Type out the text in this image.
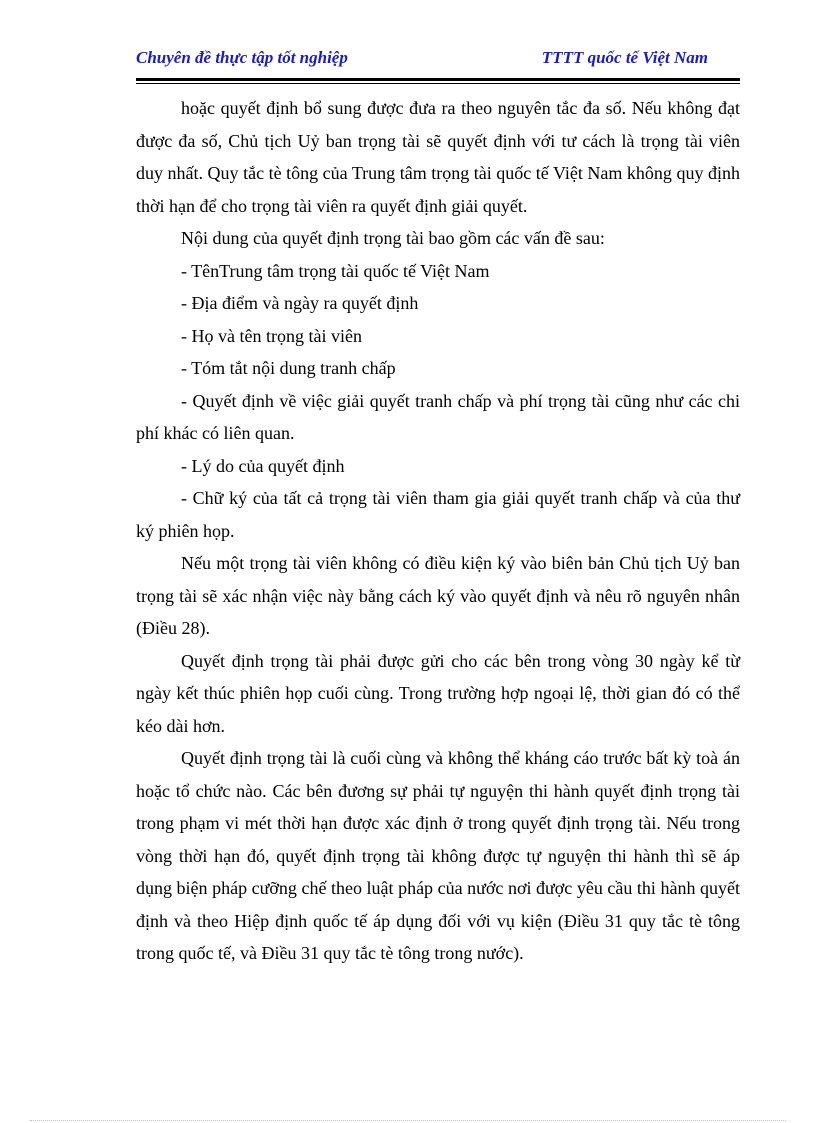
Chuyên đề thực tập tốt nghiệp	TTTT quốc tế Việt Nam

hoặc quyết định bổ sung được đưa ra theo nguyên tắc đa số. Nếu không đạt được đa số, Chủ tịch Uỷ ban trọng tài sẽ quyết định với tư cách là trọng tài viên duy nhất. Quy tắc tè tông của Trung tâm trọng tài quốc tế Việt Nam không quy định thời hạn để cho trọng tài viên ra quyết định giải quyết.

Nội dung của quyết định trọng tài bao gồm các vấn đề sau:

- TênTrung tâm trọng tài quốc tế Việt Nam

- Địa điểm và ngày ra quyết định

- Họ và tên trọng tài viên

- Tóm tắt nội dung tranh chấp

- Quyết định về việc giải quyết tranh chấp và phí trọng tài cũng như các chi phí khác có liên quan.

- Lý do của quyết định

- Chữ ký của tất cả trọng tài viên tham gia giải quyết tranh chấp và của thư ký phiên họp.

Nếu một trọng tài viên không có điều kiện ký vào biên bản Chủ tịch Uỷ ban trọng tài sẽ xác nhận việc này bằng cách ký vào quyết định và nêu rõ nguyên nhân (Điều 28).

Quyết định trọng tài phải được gửi cho các bên trong vòng 30 ngày kể từ ngày kết thúc phiên họp cuối cùng. Trong trường hợp ngoại lệ, thời gian đó có thể kéo dài hơn.

Quyết định trọng tài là cuối cùng và không thể kháng cáo trước bất kỳ toà án hoặc tổ chức nào. Các bên đương sự phải tự nguyện thi hành quyết định trọng tài trong phạm vi mét thời hạn được xác định ở trong quyết định trọng tài. Nếu trong vòng thời hạn đó, quyết định trọng tài không được tự nguyện thi hành thì sẽ áp dụng biện pháp cưỡng chế theo luật pháp của nước nơi được yêu cầu thi hành quyết định và theo Hiệp định quốc tế áp dụng đối với vụ kiện (Điều 31 quy tắc tè tông trong quốc tế, và Điều 31 quy tắc tè tông trong nước).
